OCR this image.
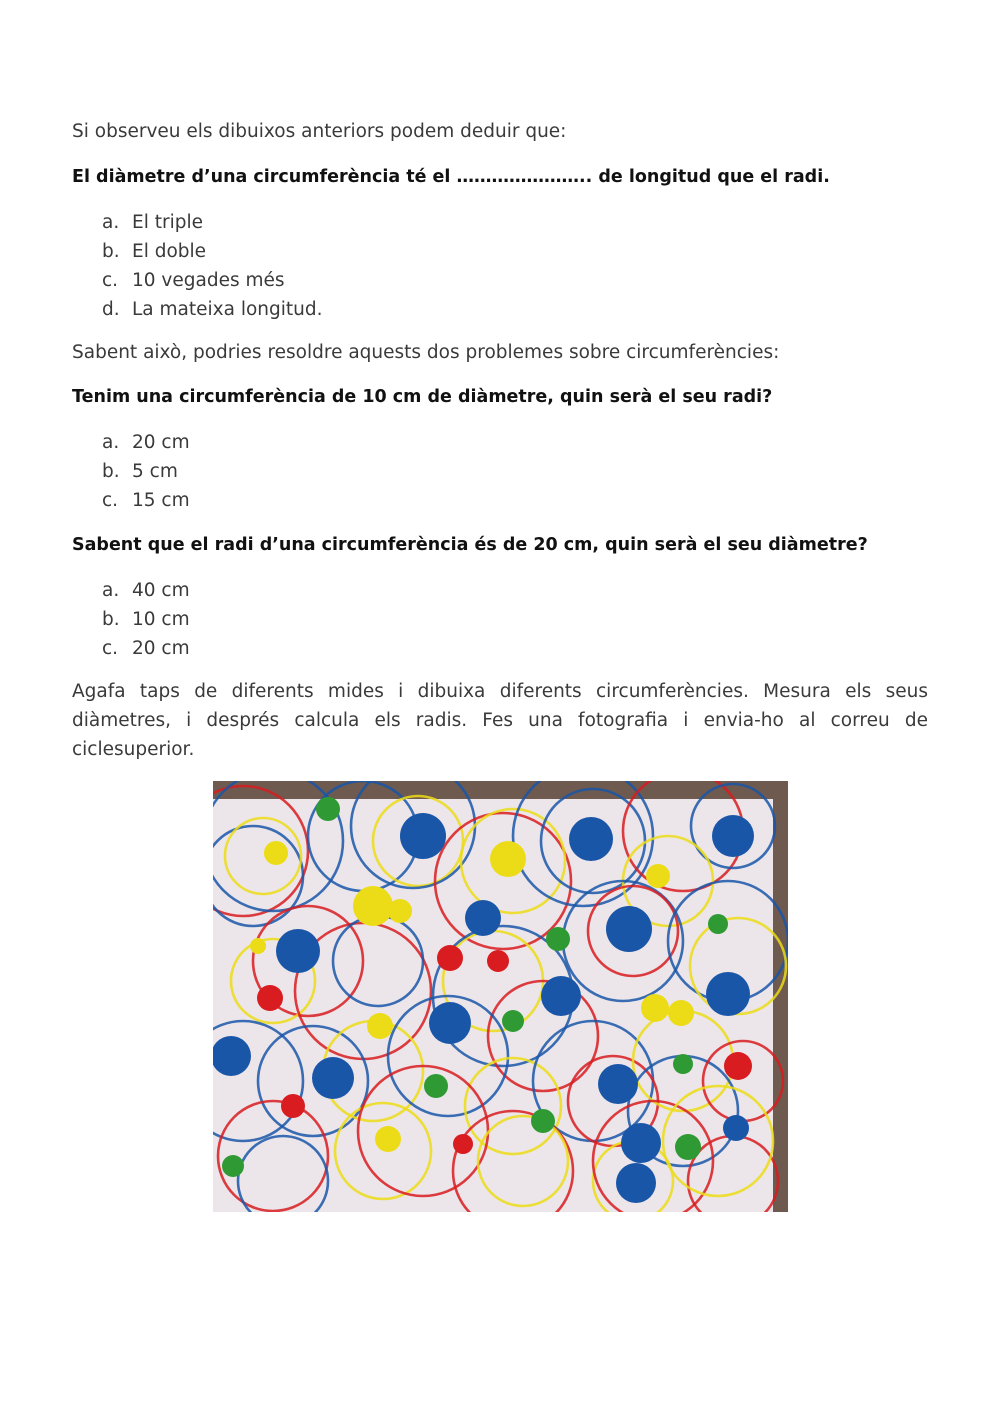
Si observeu els dibuixos anteriors podem deduir que:

El diàmetre d’una circumferència té el ………………….. de longitud que el radi.

a. El triple
b. El doble
c. 10 vegades més
d. La mateixa longitud.

Sabent això, podries resoldre aquests dos problemes sobre circumferències:

Tenim una circumferència de 10 cm de diàmetre, quin serà el seu radi?

a. 20 cm
b. 5 cm
c. 15 cm

Sabent que el radi d’una circumferència és de 20 cm, quin serà el seu diàmetre?

a. 40 cm
b. 10 cm
c. 20 cm

Agafa taps de diferents mides i dibuixa diferents circumferències. Mesura els seus diàmetres, i després calcula els radis. Fes una fotografia i envia-ho al correu de ciclesuperior.
